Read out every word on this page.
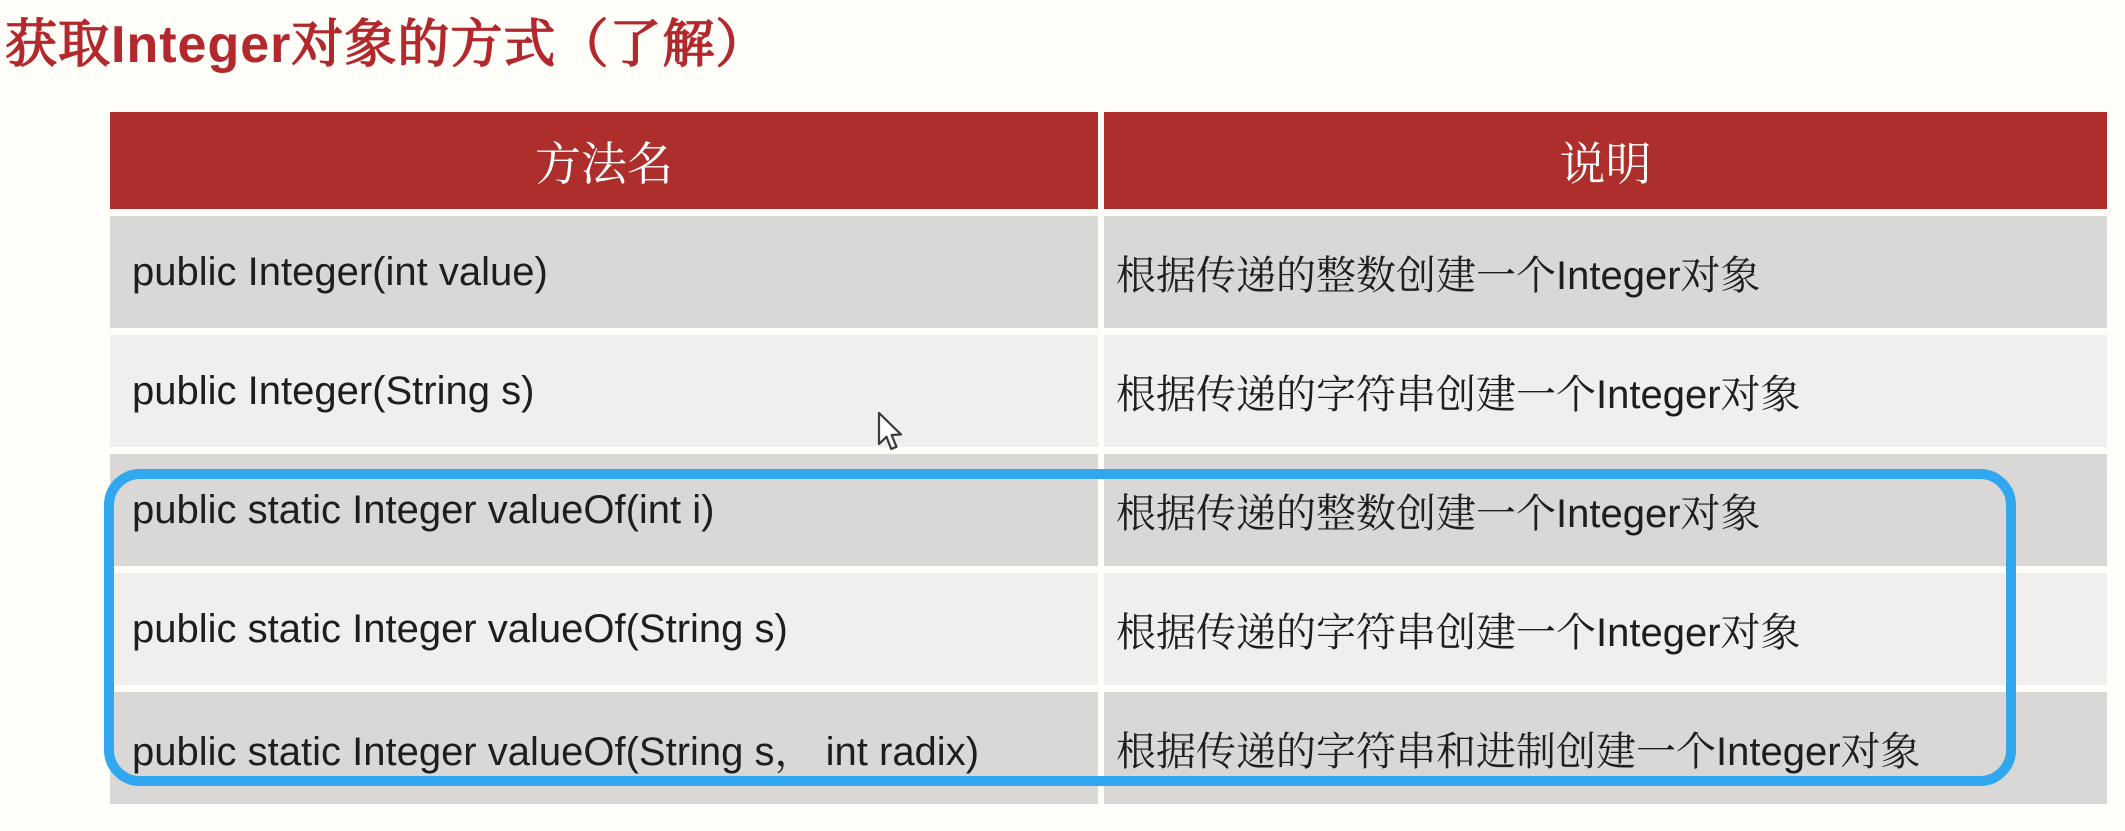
获取Integer对象的方式（了解）
方法名	说明
public Integer(int value)	根据传递的整数创建一个Integer对象
public Integer(String s)	根据传递的字符串创建一个Integer对象
public static Integer valueOf(int i)	根据传递的整数创建一个Integer对象
public static Integer valueOf(String s)	根据传递的字符串创建一个Integer对象
public static Integer valueOf(String s， int radix)	根据传递的字符串和进制创建一个Integer对象
